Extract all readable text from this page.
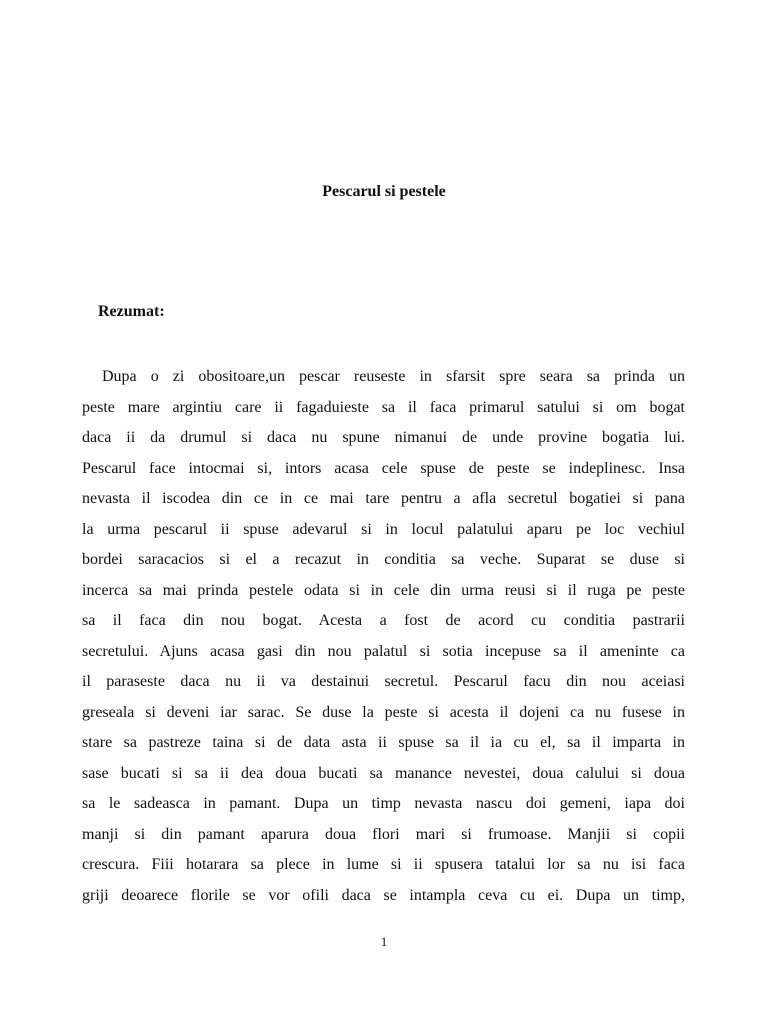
Pescarul si pestele
Rezumat:
Dupa o zi obositoare,un pescar reuseste in sfarsit spre seara sa prinda un
peste mare argintiu care ii fagaduieste sa il faca primarul satului si om bogat
daca ii da drumul si daca nu spune nimanui de unde provine bogatia lui.
Pescarul face intocmai si, intors acasa cele spuse de peste se indeplinesc. Insa
nevasta il iscodea din ce in ce mai tare pentru a afla secretul bogatiei si pana
la urma pescarul ii spuse adevarul si in locul palatului aparu pe loc vechiul
bordei saracacios si el a recazut in conditia sa veche. Suparat se duse si
incerca sa mai prinda pestele odata si in cele din urma reusi si il ruga pe peste
sa il faca din nou bogat. Acesta a fost de acord cu conditia pastrarii
secretului. Ajuns acasa gasi din nou palatul si sotia incepuse sa il ameninte ca
il paraseste daca nu ii va destainui secretul. Pescarul facu din nou aceiasi
greseala si deveni iar sarac. Se duse la peste si acesta il dojeni ca nu fusese in
stare sa pastreze taina si de data asta ii spuse sa il ia cu el, sa il imparta in
sase bucati si sa ii dea doua bucati sa manance nevestei, doua calului si doua
sa le sadeasca in pamant. Dupa un timp nevasta nascu doi gemeni, iapa doi
manji si din pamant aparura doua flori mari si frumoase. Manjii si copii
crescura. Fiii hotarara sa plece in lume si ii spusera tatalui lor sa nu isi faca
griji deoarece florile se vor ofili daca se intampla ceva cu ei. Dupa un timp,
1
